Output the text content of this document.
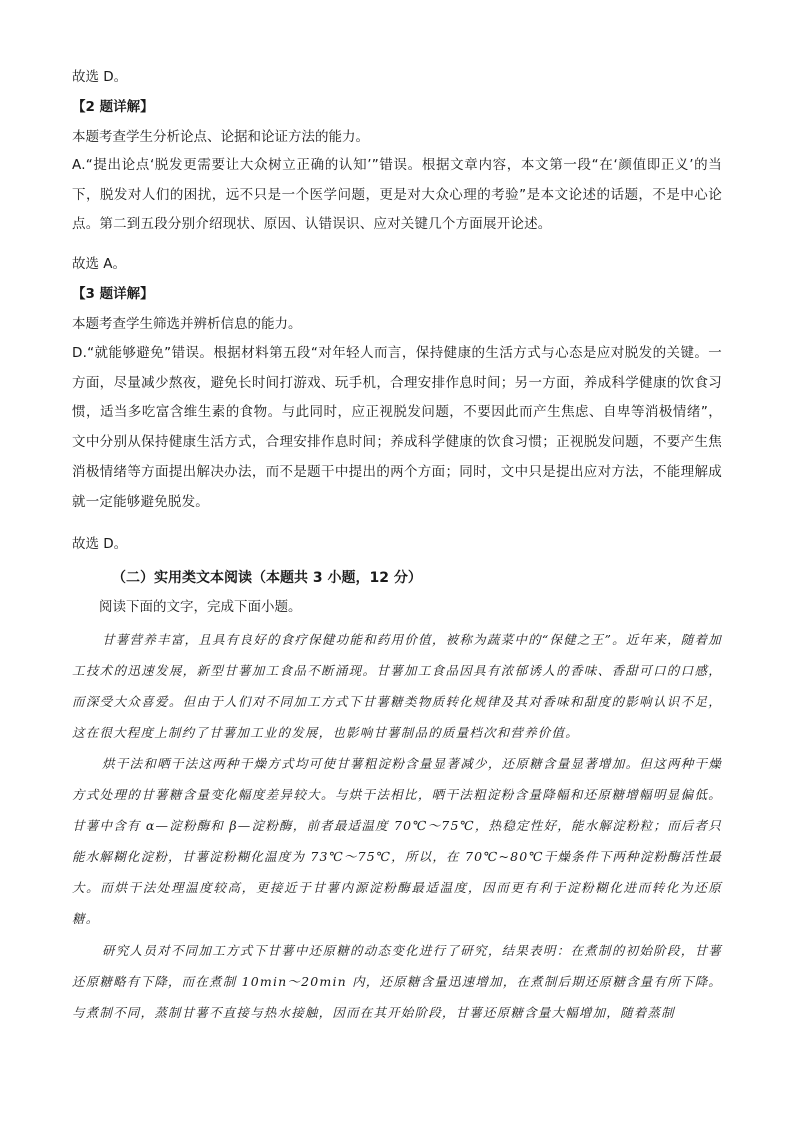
故选 D。
【2 题详解】
本题考查学生分析论点、论据和论证方法的能力。
A.“提出论点‘脱发更需要让大众树立正确的认知’”错误。根据文章内容，本文第一段“在‘颜值即正义’的当下，脱发对人们的困扰，远不只是一个医学问题，更是对大众心理的考验”是本文论述的话题，不是中心论点。第二到五段分别介绍现状、原因、认错误识、应对关键几个方面展开论述。
故选 A。
【3 题详解】
本题考查学生筛选并辨析信息的能力。
D.“就能够避免”错误。根据材料第五段“对年轻人而言，保持健康的生活方式与心态是应对脱发的关键。一方面，尽量减少熬夜，避免长时间打游戏、玩手机，合理安排作息时间；另一方面，养成科学健康的饮食习惯，适当多吃富含维生素的食物。与此同时，应正视脱发问题，不要因此而产生焦虑、自卑等消极情绪”，文中分别从保持健康生活方式，合理安排作息时间；养成科学健康的饮食习惯；正视脱发问题，不要产生焦消极情绪等方面提出解决办法，而不是题干中提出的两个方面；同时，文中只是提出应对方法，不能理解成就一定能够避免脱发。
故选 D。
（二）实用类文本阅读（本题共 3 小题，12 分）
阅读下面的文字，完成下面小题。
甘薯营养丰富，且具有良好的食疗保健功能和药用价值，被称为蔬菜中的“保健之王”。近年来，随着加工技术的迅速发展，新型甘薯加工食品不断涌现。甘薯加工食品因具有浓郁诱人的香味、香甜可口的口感，而深受大众喜爱。但由于人们对不同加工方式下甘薯糖类物质转化规律及其对香味和甜度的影响认识不足，这在很大程度上制约了甘薯加工业的发展，也影响甘薯制品的质量档次和营养价值。
烘干法和晒干法这两种干燥方式均可使甘薯粗淀粉含量显著减少，还原糖含量显著增加。但这两种干燥方式处理的甘薯糖含量变化幅度差异较大。与烘干法相比，晒干法粗淀粉含量降幅和还原糖增幅明显偏低。甘薯中含有 α—淀粉酶和 β—淀粉酶，前者最适温度 70℃～75℃，热稳定性好，能水解淀粉粒；而后者只能水解糊化淀粉，甘薯淀粉糊化温度为 73℃～75℃，所以，在 70℃~80℃干燥条件下两种淀粉酶活性最大。而烘干法处理温度较高，更接近于甘薯内源淀粉酶最适温度，因而更有利于淀粉糊化进而转化为还原糖。
研究人员对不同加工方式下甘薯中还原糖的动态变化进行了研究，结果表明：在煮制的初始阶段，甘薯还原糖略有下降，而在煮制 10min～20min 内，还原糖含量迅速增加，在煮制后期还原糖含量有所下降。与煮制不同，蒸制甘薯不直接与热水接触，因而在其开始阶段，甘薯还原糖含量大幅增加，随着蒸制
